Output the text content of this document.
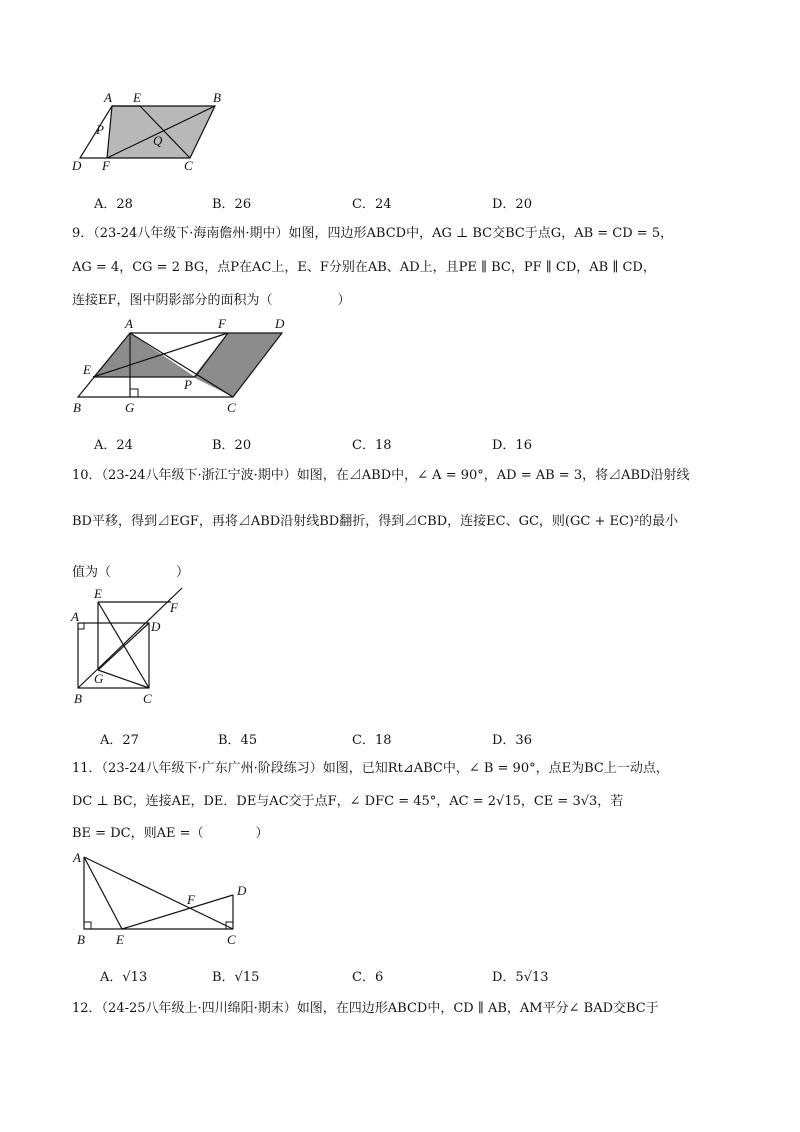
A E	B
P
Q
D F	C
A．28	B．26	C．24	D．20
9．（23-24八年级下·海南儋州·期中）如图，四边形ABCD中，AG ⊥ BC交BC于点G，AB = CD = 5，
AG = 4，CG = 2 BG，点P在AC上，E、F分别在AB、AD上，且PE ∥ BC，PF ∥ CD，AB ∥ CD，
连接EF，图中阴影部分的面积为（　　　　　）
A	F	D
E
P
B	G	C
A．24	B．20	C．18	D．16
10．（23-24八年级下·浙江宁波·期中）如图，在⊿ABD中，∠ A = 90°，AD = AB = 3，将⊿ABD沿射线
BD平移，得到⊿EGF，再将⊿ABD沿射线BD翻折，得到⊿CBD，连接EC、GC，则(GC + EC)²的最小
值为（　　　　　）
E
F
A
D
G
B	C
A．27	B．45	C．18	D．36
11．（23-24八年级下·广东广州·阶段练习）如图，已知Rt⊿ABC中，∠ B = 90°，点E为BC上一动点，
DC ⊥ BC，连接AE，DE．DE与AC交于点F，∠ DFC = 45°，AC = 2√15，CE = 3√3，若
BE = DC，则AE =（　　　　）
A
D
F
B E	C
A．√13	B．√15	C．6	D．5√13
12．（24-25八年级上·四川绵阳·期末）如图，在四边形ABCD中，CD ∥ AB，AM平分∠ BAD交BC于
